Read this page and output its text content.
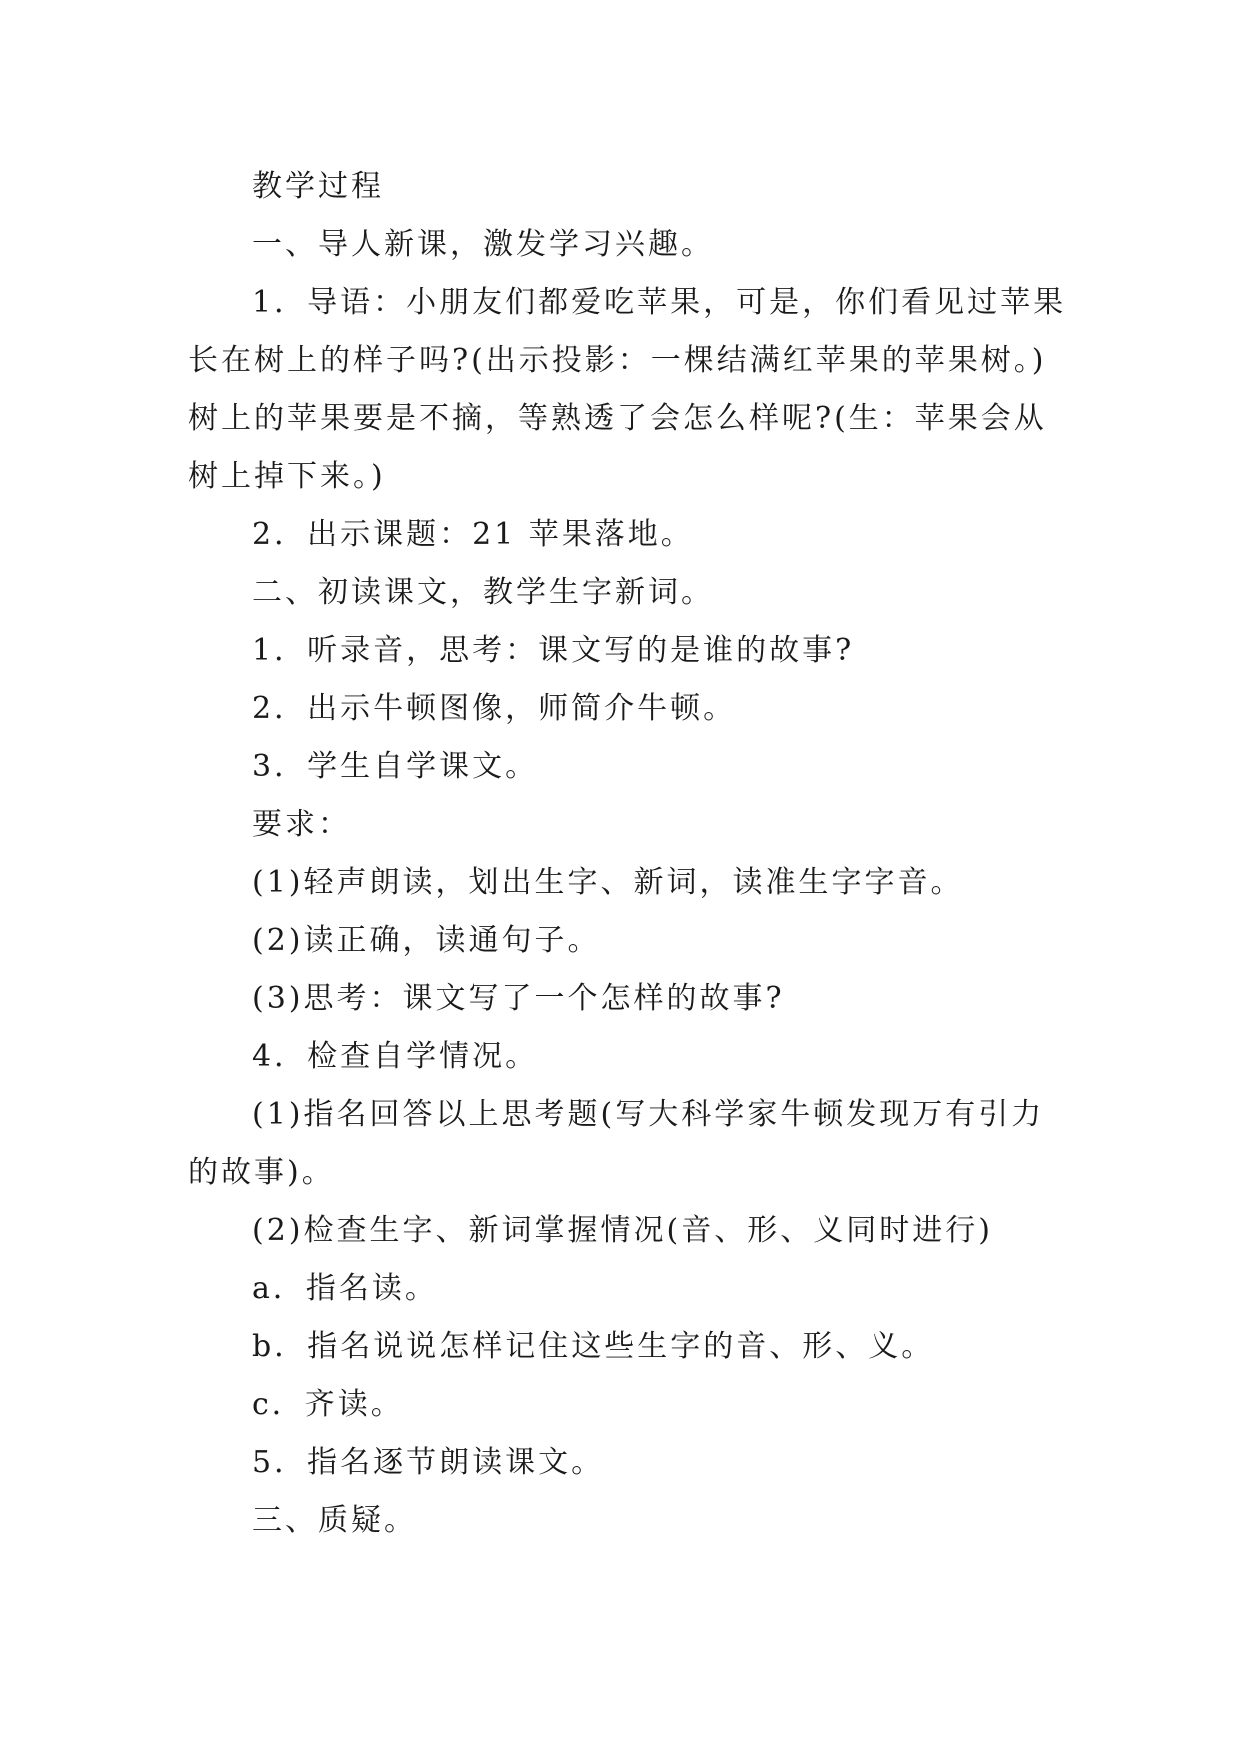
教学过程

一、导人新课，激发学习兴趣。

1．导语：小朋友们都爱吃苹果，可是，你们看见过苹果长在树上的样子吗?(出示投影：一棵结满红苹果的苹果树。)树上的苹果要是不摘，等熟透了会怎么样呢?(生：苹果会从树上掉下来。)

2．出示课题：21 苹果落地。

二、初读课文，教学生字新词。

1．听录音，思考：课文写的是谁的故事?

2．出示牛顿图像，师简介牛顿。

3．学生自学课文。

要求：

(1)轻声朗读，划出生字、新词，读准生字字音。

(2)读正确，读通句子。

(3)思考：课文写了一个怎样的故事?

4．检查自学情况。

(1)指名回答以上思考题(写大科学家牛顿发现万有引力的故事)。

(2)检查生字、新词掌握情况(音、形、义同时进行)

a．指名读。

b．指名说说怎样记住这些生字的音、形、义。

c．齐读。

5．指名逐节朗读课文。

三、质疑。
